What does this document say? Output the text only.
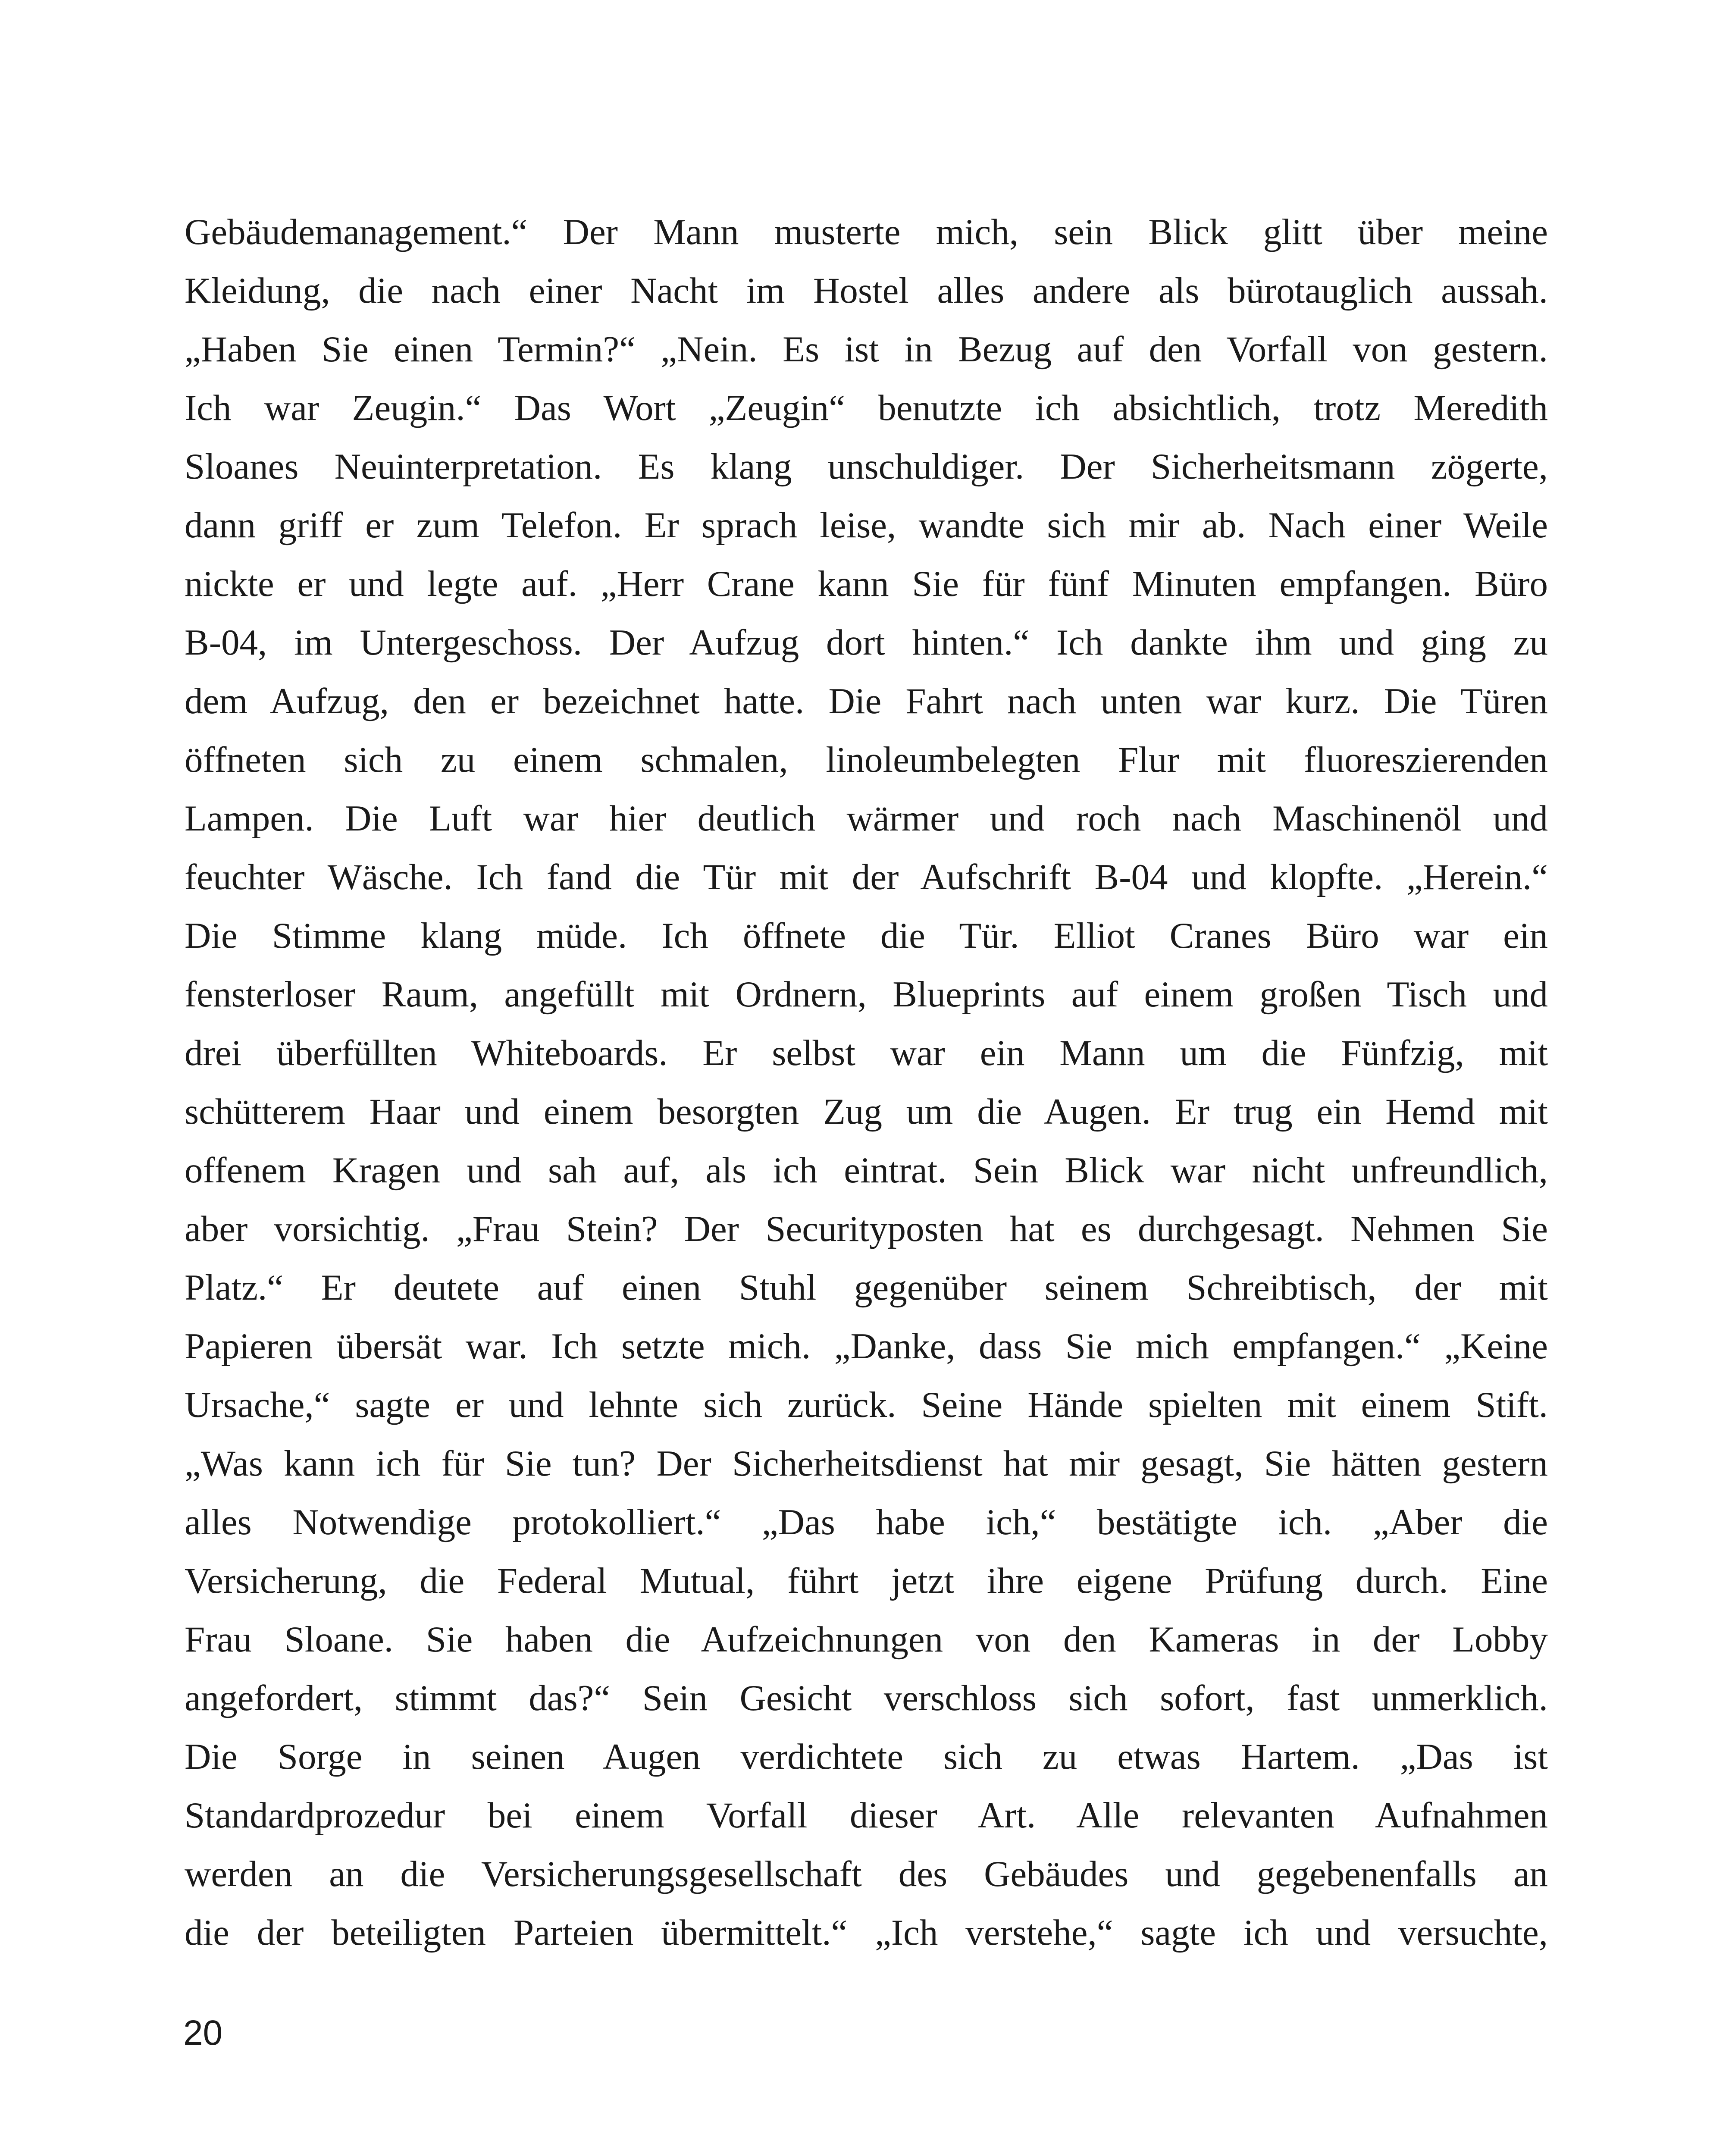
Gebäudemanagement.“ Der Mann musterte mich, sein Blick glitt über meine
Kleidung, die nach einer Nacht im Hostel alles andere als bürotauglich aussah.
„Haben Sie einen Termin?“ „Nein. Es ist in Bezug auf den Vorfall von gestern.
Ich war Zeugin.“ Das Wort „Zeugin“ benutzte ich absichtlich, trotz Meredith
Sloanes Neuinterpretation. Es klang unschuldiger. Der Sicherheitsmann zögerte,
dann griff er zum Telefon. Er sprach leise, wandte sich mir ab. Nach einer Weile
nickte er und legte auf. „Herr Crane kann Sie für fünf Minuten empfangen. Büro
B-04, im Untergeschoss. Der Aufzug dort hinten.“ Ich dankte ihm und ging zu
dem Aufzug, den er bezeichnet hatte. Die Fahrt nach unten war kurz. Die Türen
öffneten sich zu einem schmalen, linoleumbelegten Flur mit fluoreszierenden
Lampen. Die Luft war hier deutlich wärmer und roch nach Maschinenöl und
feuchter Wäsche. Ich fand die Tür mit der Aufschrift B-04 und klopfte. „Herein.“
Die Stimme klang müde. Ich öffnete die Tür. Elliot Cranes Büro war ein
fensterloser Raum, angefüllt mit Ordnern, Blueprints auf einem großen Tisch und
drei überfüllten Whiteboards. Er selbst war ein Mann um die Fünfzig, mit
schütterem Haar und einem besorgten Zug um die Augen. Er trug ein Hemd mit
offenem Kragen und sah auf, als ich eintrat. Sein Blick war nicht unfreundlich,
aber vorsichtig. „Frau Stein? Der Securityposten hat es durchgesagt. Nehmen Sie
Platz.“ Er deutete auf einen Stuhl gegenüber seinem Schreibtisch, der mit
Papieren übersät war. Ich setzte mich. „Danke, dass Sie mich empfangen.“ „Keine
Ursache,“ sagte er und lehnte sich zurück. Seine Hände spielten mit einem Stift.
„Was kann ich für Sie tun? Der Sicherheitsdienst hat mir gesagt, Sie hätten gestern
alles Notwendige protokolliert.“ „Das habe ich,“ bestätigte ich. „Aber die
Versicherung, die Federal Mutual, führt jetzt ihre eigene Prüfung durch. Eine
Frau Sloane. Sie haben die Aufzeichnungen von den Kameras in der Lobby
angefordert, stimmt das?“ Sein Gesicht verschloss sich sofort, fast unmerklich.
Die Sorge in seinen Augen verdichtete sich zu etwas Hartem. „Das ist
Standardprozedur bei einem Vorfall dieser Art. Alle relevanten Aufnahmen
werden an die Versicherungsgesellschaft des Gebäudes und gegebenenfalls an
die der beteiligten Parteien übermittelt.“ „Ich verstehe,“ sagte ich und versuchte,
20
